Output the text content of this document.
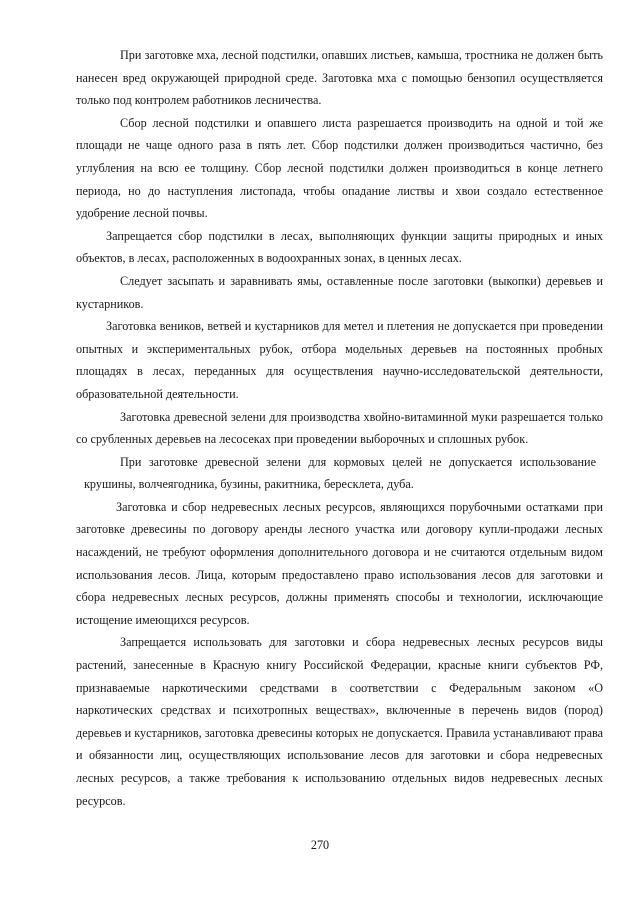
При заготовке мха, лесной подстилки, опавших листьев, камыша, тростника не должен быть нанесен вред окружающей природной среде. Заготовка мха с помощью бензопил осуществляется только под контролем работников лесничества.

Сбор лесной подстилки и опавшего листа разрешается производить на одной и той же площади не чаще одного раза в пять лет. Сбор подстилки должен производиться частично, без углубления на всю ее толщину. Сбор лесной подстилки должен производиться в конце летнего периода, но до наступления листопада, чтобы опадание листвы и хвои создало естественное удобрение лесной почвы.

Запрещается сбор подстилки в лесах, выполняющих функции защиты природных и иных объектов, в лесах, расположенных в водоохранных зонах, в ценных лесах.

Следует засыпать и заравнивать ямы, оставленные после заготовки (выкопки) деревьев и кустарников.

Заготовка веников, ветвей и кустарников для метел и плетения не допускается при проведении опытных и экспериментальных рубок, отбора модельных деревьев на постоянных пробных площадях в лесах, переданных для осуществления научно-исследовательской деятельности, образовательной деятельности.

Заготовка древесной зелени для производства хвойно-витаминной муки разрешается только со срубленных деревьев на лесосеках при проведении выборочных и сплошных рубок.

При заготовке древесной зелени для кормовых целей не допускается использование крушины, волчеягодника, бузины, ракитника, бересклета, дуба.

Заготовка и сбор недревесных лесных ресурсов, являющихся порубочными остатками при заготовке древесины по договору аренды лесного участка или договору купли-продажи лесных насаждений, не требуют оформления дополнительного договора и не считаются отдельным видом использования лесов. Лица, которым предоставлено право использования лесов для заготовки и сбора недревесных лесных ресурсов, должны применять способы и технологии, исключающие истощение имеющихся ресурсов.

Запрещается использовать для заготовки и сбора недревесных лесных ресурсов виды растений, занесенные в Красную книгу Российской Федерации, красные книги субъектов РФ, признаваемые наркотическими средствами в соответствии с Федеральным законом «О наркотических средствах и психотропных веществах», включенные в перечень видов (пород) деревьев и кустарников, заготовка древесины которых не допускается. Правила устанавливают права и обязанности лиц, осуществляющих использование лесов для заготовки и сбора недревесных лесных ресурсов, а также требования к использованию отдельных видов недревесных лесных ресурсов.

270
